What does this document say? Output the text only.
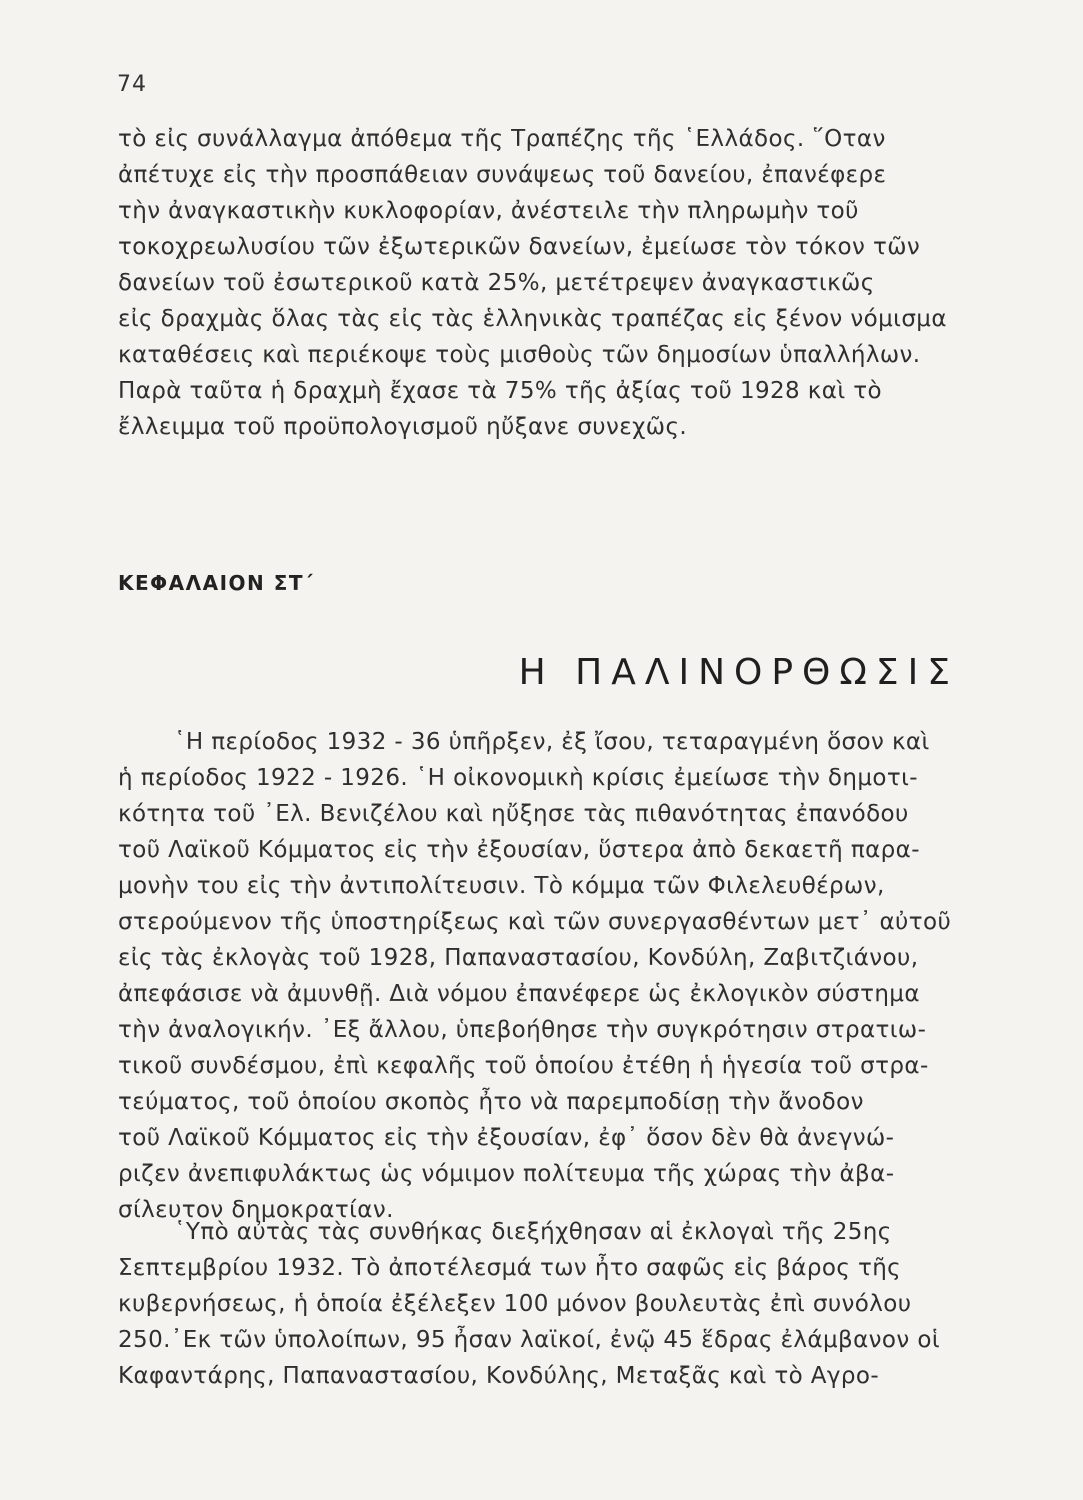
74
τὸ εἰς συνάλλαγμα ἀπόθεμα τῆς Τραπέζης τῆς ῾Ελλάδος. ῞Οταν
ἀπέτυχε εἰς τὴν προσπάθειαν συνάψεως τοῦ δανείου, ἐπανέφερε
τὴν ἀναγκαστικὴν κυκλοφορίαν, ἀνέστειλε τὴν πληρωμὴν τοῦ
τοκοχρεωλυσίου τῶν ἐξωτερικῶν δανείων, ἐμείωσε τὸν τόκον τῶν
δανείων τοῦ ἐσωτερικοῦ κατὰ 25%, μετέτρεψεν ἀναγκαστικῶς
εἰς δραχμὰς ὅλας τὰς εἰς τὰς ἑλληνικὰς τραπέζας εἰς ξένον νόμισμα
καταθέσεις καὶ περιέκοψε τοὺς μισθοὺς τῶν δημοσίων ὑπαλλήλων.
Παρὰ ταῦτα ἡ δραχμὴ ἔχασε τὰ 75% τῆς ἀξίας τοῦ 1928 καὶ τὸ
ἔλλειμμα τοῦ προϋπολογισμοῦ ηὔξανε συνεχῶς.
ΚΕΦΑΛΑΙΟΝ ΣΤ΄
Η ΠΑΛΙΝΟΡΘΩΣΙΣ
῾Η περίοδος 1932 - 36 ὑπῆρξεν, ἐξ ἴσου, τεταραγμένη ὅσον καὶ
ἡ περίοδος 1922 - 1926. ῾Η οἰκονομικὴ κρίσις ἐμείωσε τὴν δημοτι-
κότητα τοῦ ᾿Ελ. Βενιζέλου καὶ ηὔξησε τὰς πιθανότητας ἐπανόδου
τοῦ Λαϊκοῦ Κόμματος εἰς τὴν ἐξουσίαν, ὕστερα ἀπὸ δεκαετῆ παρα-
μονὴν του εἰς τὴν ἀντιπολίτευσιν. Τὸ κόμμα τῶν Φιλελευθέρων,
στερούμενον τῆς ὑποστηρίξεως καὶ τῶν συνεργασθέντων μετ᾿ αὐτοῦ
εἰς τὰς ἐκλογὰς τοῦ 1928, Παπαναστασίου, Κονδύλη, Ζαβιτζιάνου,
ἀπεφάσισε νὰ ἀμυνθῇ. Διὰ νόμου ἐπανέφερε ὡς ἐκλογικὸν σύστημα
τὴν ἀναλογικήν. ᾿Εξ ἄλλου, ὑπεβοήθησε τὴν συγκρότησιν στρατιω-
τικοῦ συνδέσμου, ἐπὶ κεφαλῆς τοῦ ὁποίου ἐτέθη ἡ ἡγεσία τοῦ στρα-
τεύματος, τοῦ ὁποίου σκοπὸς ἦτο νὰ παρεμποδίσῃ τὴν ἄνοδον
τοῦ Λαϊκοῦ Κόμματος εἰς τὴν ἐξουσίαν, ἐφ᾿ ὅσον δὲν θὰ ἀνεγνώ-
ριζεν ἀνεπιφυλάκτως ὡς νόμιμον πολίτευμα τῆς χώρας τὴν ἀβα-
σίλευτον δημοκρατίαν.
῾Υπὸ αὐτὰς τὰς συνθήκας διεξήχθησαν αἱ ἐκλογαὶ τῆς 25ης
Σεπτεμβρίου 1932. Τὸ ἀποτέλεσμά των ἦτο σαφῶς εἰς βάρος τῆς
κυβερνήσεως, ἡ ὁποία ἐξέλεξεν 100 μόνον βουλευτὰς ἐπὶ συνόλου
250.᾿Εκ τῶν ὑπολοίπων, 95 ἦσαν λαϊκοί, ἐνῷ 45 ἕδρας ἐλάμβανον οἱ
Καφαντάρης, Παπαναστασίου, Κονδύλης, Μεταξᾶς καὶ τὸ Αγρο-
